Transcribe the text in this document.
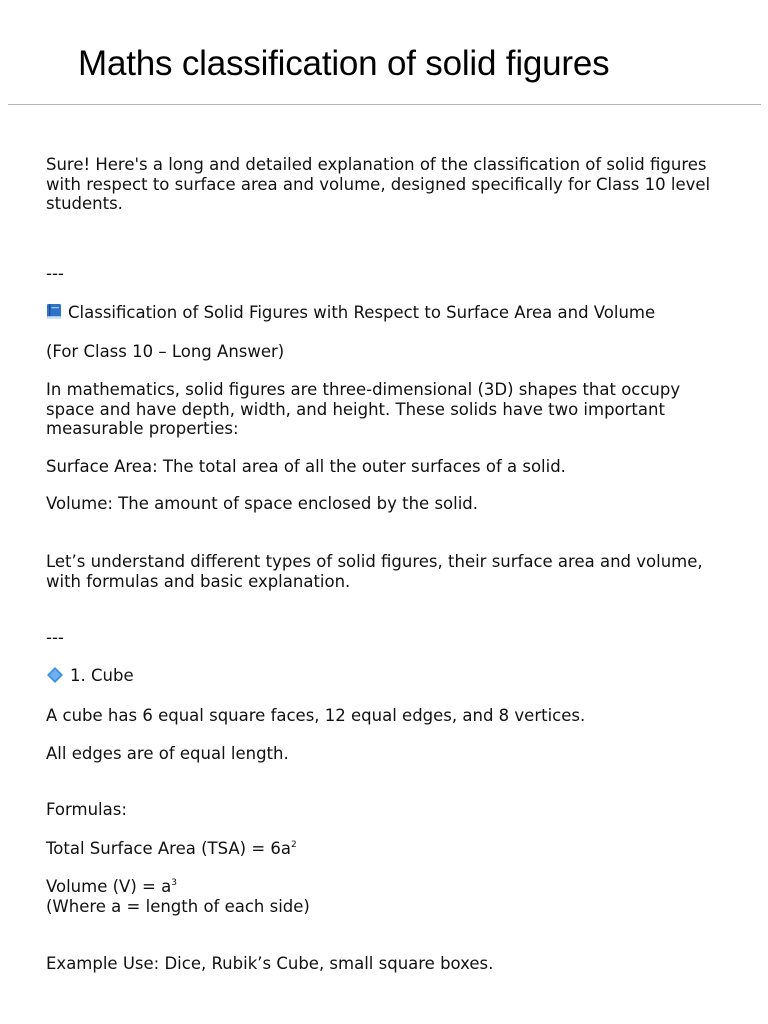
Maths classification of solid figures

Sure! Here's a long and detailed explanation of the classification of solid figures
with respect to surface area and volume, designed specifically for Class 10 level
students.

---

Classification of Solid Figures with Respect to Surface Area and Volume

(For Class 10 – Long Answer)

In mathematics, solid figures are three-dimensional (3D) shapes that occupy
space and have depth, width, and height. These solids have two important
measurable properties:

Surface Area: The total area of all the outer surfaces of a solid.

Volume: The amount of space enclosed by the solid.

Let’s understand different types of solid figures, their surface area and volume,
with formulas and basic explanation.

---

1. Cube

A cube has 6 equal square faces, 12 equal edges, and 8 vertices.

All edges are of equal length.

Formulas:

Total Surface Area $(TSA) = 6a^2$

Volume $(V) = a^3$
(Where a = length of each side)

Example Use: Dice, Rubik’s Cube, small square boxes.
